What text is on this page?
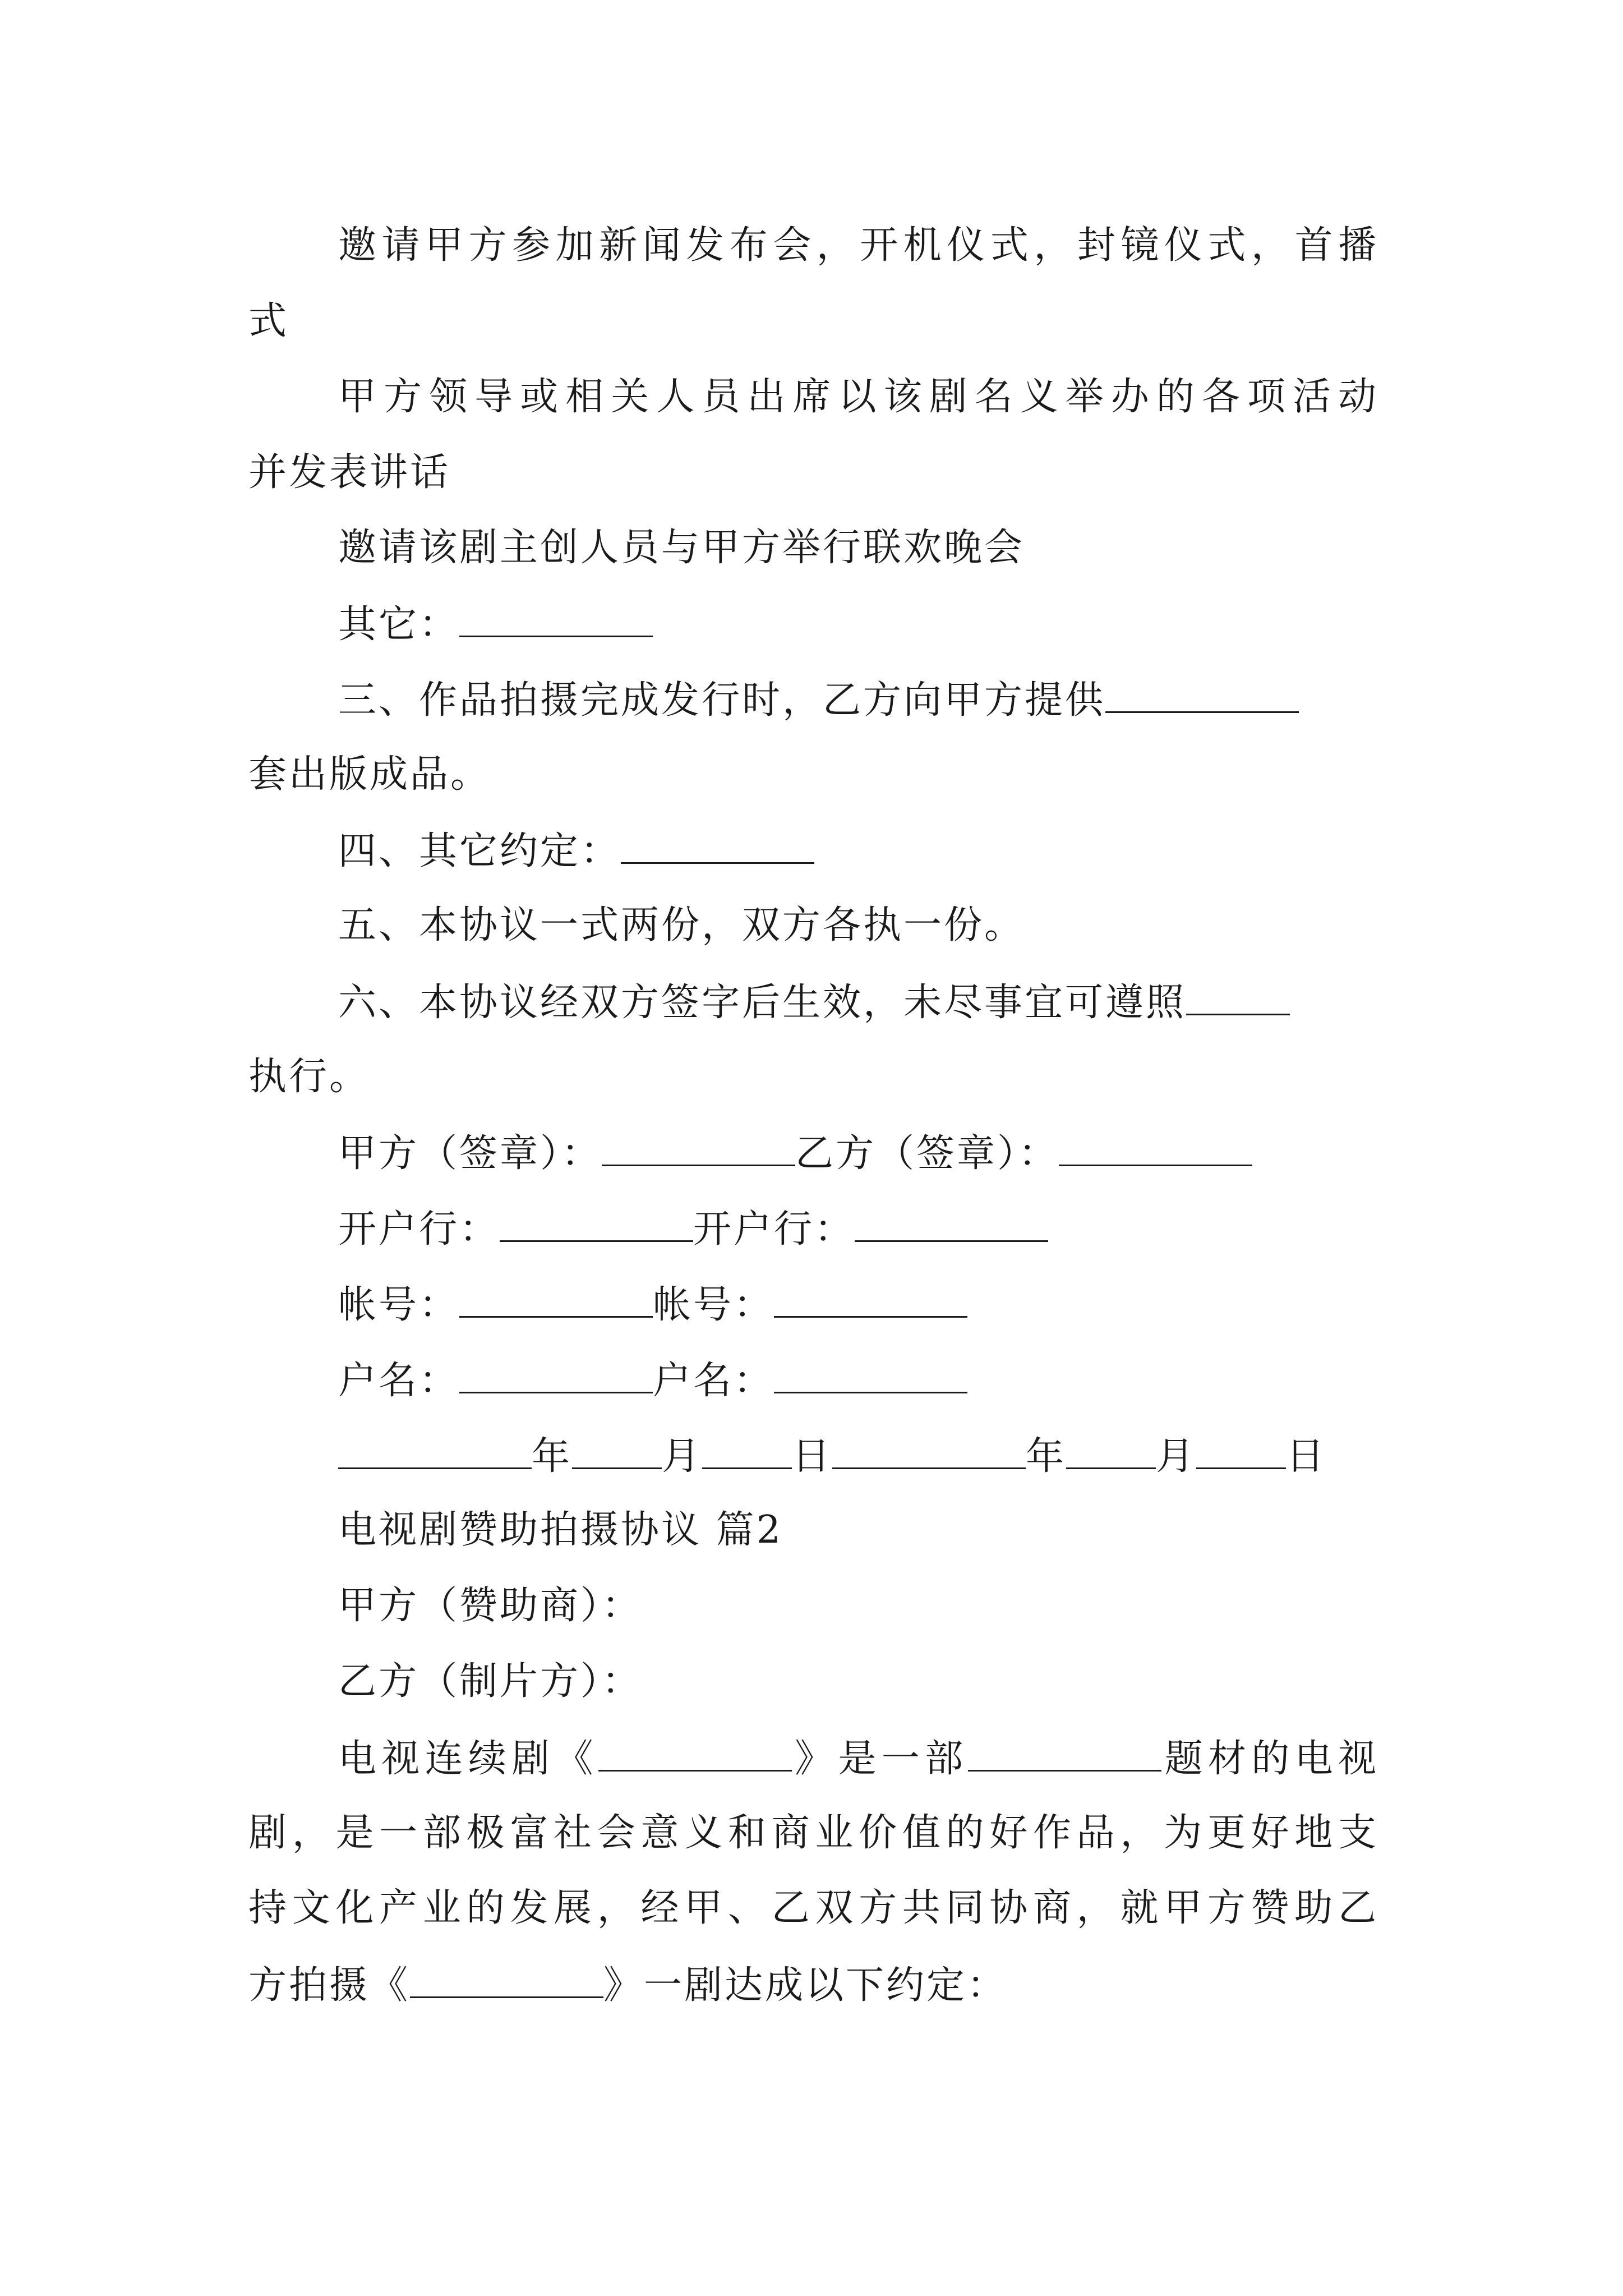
邀请甲方参加新闻发布会，开机仪式，封镜仪式，首播
式
甲方领导或相关人员出席以该剧名义举办的各项活动
并发表讲话
邀请该剧主创人员与甲方举行联欢晚会
其它：
三、作品拍摄完成发行时，乙方向甲方提供
套出版成品。
四、其它约定：
五、本协议一式两份，双方各执一份。
六、本协议经双方签字后生效，未尽事宜可遵照
执行。
甲方（签章）：	乙方（签章）：
开户行：	开户行：
帐号：	帐号：
户名：	户名：
年 月 日	年 月 日
电视剧赞助拍摄协议 篇2
甲方（赞助商）：
乙方（制片方）：
电视连续剧《	》是一部	题材的电视
剧，是一部极富社会意义和商业价值的好作品，为更好地支
持文化产业的发展，经甲、乙双方共同协商，就甲方赞助乙
方拍摄《	》一剧达成以下约定：
